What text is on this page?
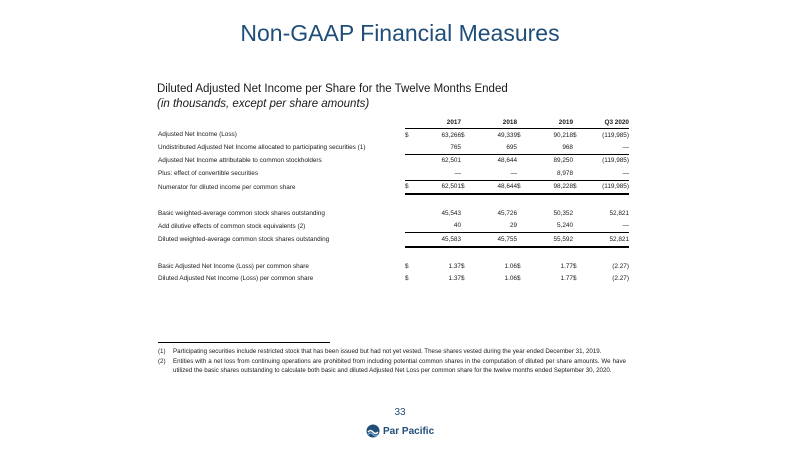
Non-GAAP Financial Measures
Diluted Adjusted Net Income per Share for the Twelve Months Ended
(in thousands, except per share amounts)
	2017		2018		2019		Q3 2020	
Adjusted Net Income (Loss)	$	63,266	$	49,339	$	90,218	$	(119,985)
Undistributed Adjusted Net Income allocated to participating securities (1)		765		695		968		—
Adjusted Net Income attributable to common stockholders		62,501		48,644		89,250		(119,985)
Plus: effect of convertible securities		—		—		8,978		—
Numerator for diluted income per common share	$	62,501	$	48,644	$	98,228	$	(119,985)

Basic weighted-average common stock shares outstanding		45,543		45,726		50,352		52,821
Add dilutive effects of common stock equivalents (2)		40		29		5,240		—
Diluted weighted-average common stock shares outstanding		45,583		45,755		55,592		52,821

Basic Adjusted Net Income (Loss) per common share	$	1.37	$	1.06	$	1.77	$	(2.27)
Diluted Adjusted Net Income (Loss) per common share	$	1.37	$	1.06	$	1.77	$	(2.27)
(1)	Participating securities include restricted stock that has been issued but had not yet vested. These shares vested during the year ended December 31, 2019.
(2)	Entities with a net loss from continuing operations are prohibited from including potential common shares in the computation of diluted per share amounts. We have utilized the basic shares outstanding to calculate both basic and diluted Adjusted Net Loss per common share for the twelve months ended September 30, 2020.
33
Par Pacific
